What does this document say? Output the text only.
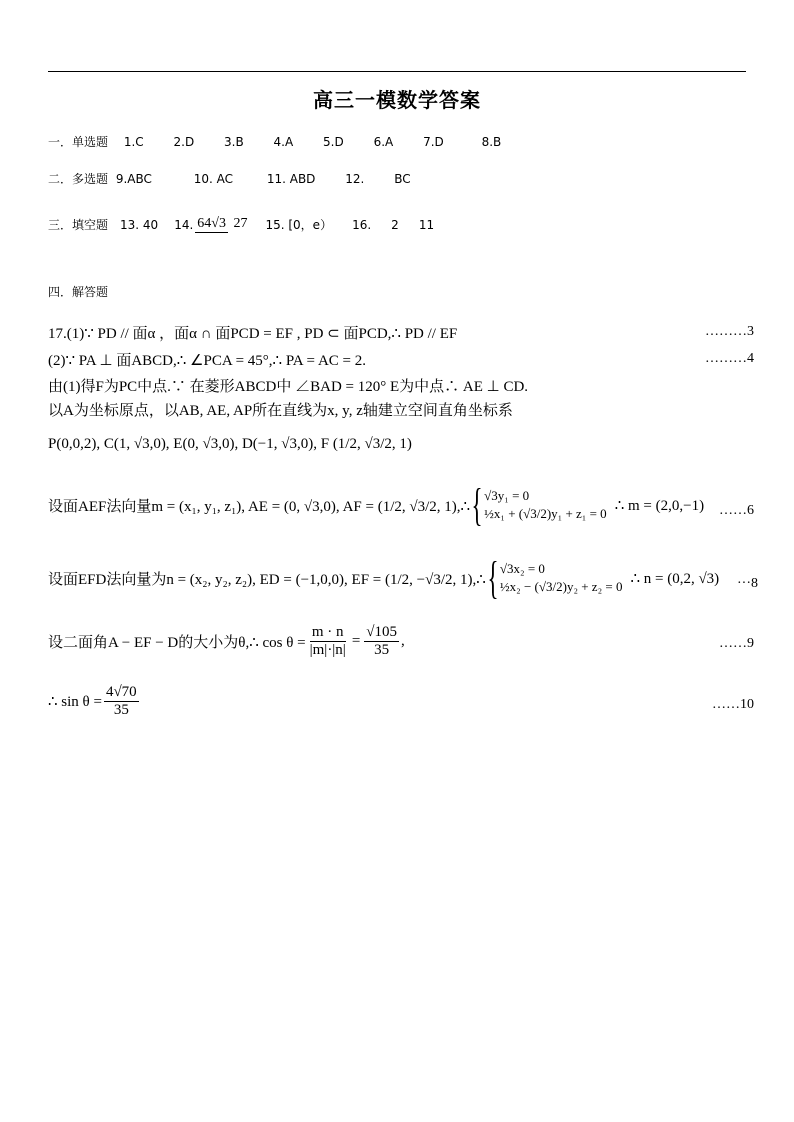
高三一模数学答案
一．单选题 1.C 2.D 3.B 4.A 5.D 6.A 7.D	8.B
二．多选题 9.ABC	10. AC	11. ABD 12. BC
三．填空题 13. 40 14. 64√3 27 15. [0，e） 16. 2 11
四．解答题
17.(1)∵ PD // 面α ，面α ∩ 面PCD = EF , PD ⊂ 面PCD,∴ PD // EF	………3
(2)∵ PA ⊥ 面ABCD,∴ ∠PCA = 45°,∴ PA = AC = 2.	………4
由(1)得F为PC中点.∵ 在菱形ABCD中 ∠BAD = 120° E为中点∴ AE ⊥ CD.
以A为坐标原点，以AB, AE, AP所在直线为x, y, z轴建立空间直角坐标系
P(0,0,2), C(1, √3,0), E(0, √3,0), D(−1, √3,0), F (1/2, √3/2, 1)
设面AEF法向量m = (x₁, y₁, z₁), AE = (0, √3,0), AF = (1/2, √3/2, 1),∴ { √3y₁ = 0
½x₁ + (√3/2)y₁ + z₁ = 0 ∴ m = (2,0,−1) ……6
设面EFD法向量为n = (x₂, y₂, z₂), ED = (−1,0,0), EF = (1/2, −√3/2, 1),∴ { √3x₂ = 0
½x₂ − (√3/2)y₂ + z₂ = 0 ∴ n = (0,2, √3) ···8
设二面角A − EF − D的大小为θ,∴ $\cos \theta = \frac{m \cdot n}{|m|\cdot|n|} = \frac{√105}{35}$ ,	……9
∴ $\sin \theta = \frac{4√70}{35}$	……10
